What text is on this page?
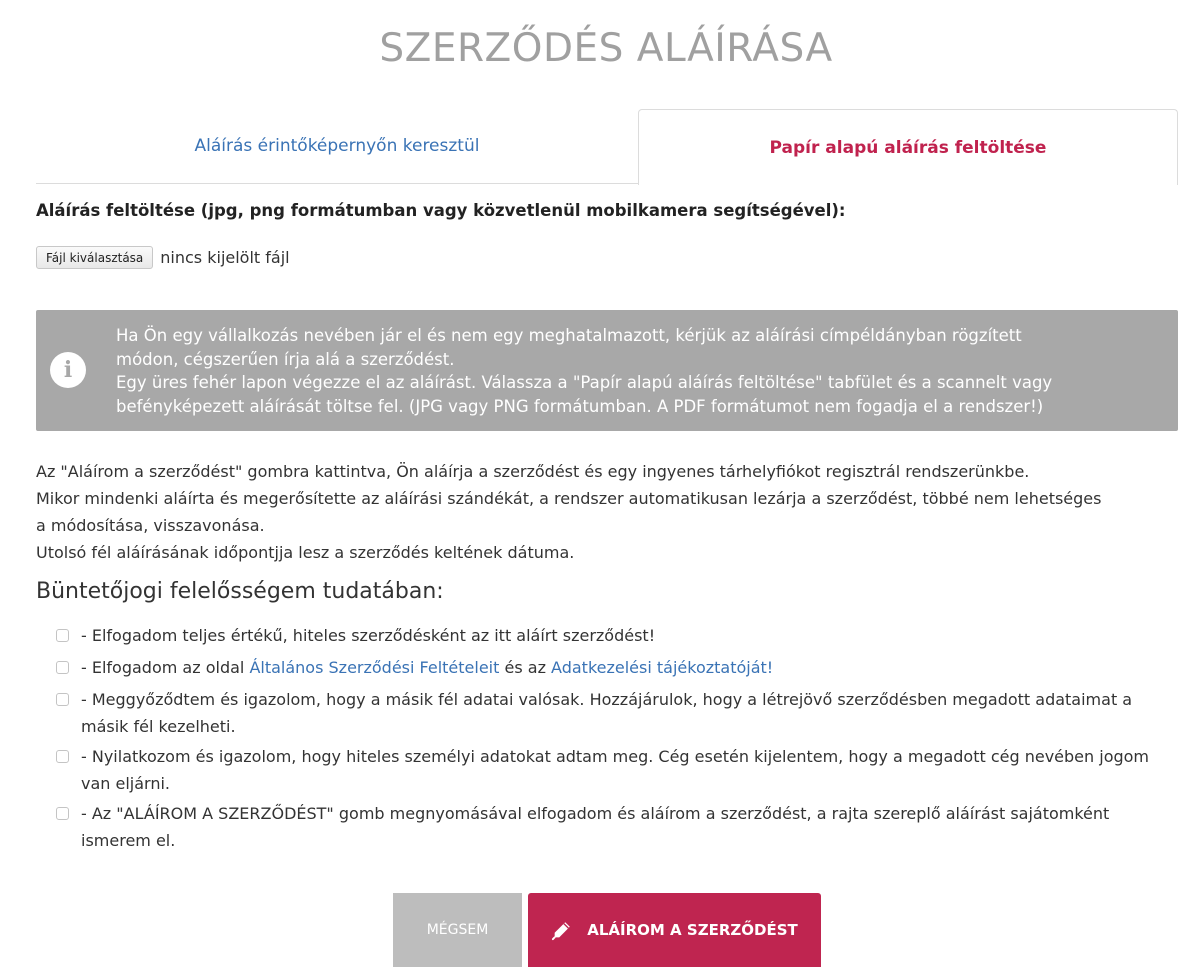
SZERZŐDÉS ALÁÍRÁSA
Aláírás érintőképernyőn keresztül	Papír alapú aláírás feltöltése
Aláírás feltöltése (jpg, png formátumban vagy közvetlenül mobilkamera segítségével):
Fájl kiválasztása	nincs kijelölt fájl
i
Ha Ön egy vállalkozás nevében jár el és nem egy meghatalmazott, kérjük az aláírási címpéldányban rögzített
módon, cégszerűen írja alá a szerződést.
Egy üres fehér lapon végezze el az aláírást. Válassza a "Papír alapú aláírás feltöltése" tabfület és a scannelt vagy
befényképezett aláírását töltse fel. (JPG vagy PNG formátumban. A PDF formátumot nem fogadja el a rendszer!)
Az "Aláírom a szerződést" gombra kattintva, Ön aláírja a szerződést és egy ingyenes tárhelyfiókot regisztrál rendszerünkbe.
Mikor mindenki aláírta és megerősítette az aláírási szándékát, a rendszer automatikusan lezárja a szerződést, többé nem lehetséges
a módosítása, visszavonása.
Utolsó fél aláírásának időpontjja lesz a szerződés keltének dátuma.
Büntetőjogi felelősségem tudatában:
- Elfogadom teljes értékű, hiteles szerződésként az itt aláírt szerződést!
- Elfogadom az oldal Általános Szerződési Feltételeit és az Adatkezelési tájékoztatóját!
- Meggyőződtem és igazolom, hogy a másik fél adatai valósak. Hozzájárulok, hogy a létrejövő szerződésben megadott adataimat a másik fél kezelheti.
- Nyilatkozom és igazolom, hogy hiteles személyi adatokat adtam meg. Cég esetén kijelentem, hogy a megadott cég nevében jogom van eljárni.
- Az "ALÁÍROM A SZERZŐDÉST" gomb megnyomásával elfogadom és aláírom a szerződést, a rajta szereplő aláírást sajátomként ismerem el.
MÉGSEM	ALÁÍROM A SZERZŐDÉST
